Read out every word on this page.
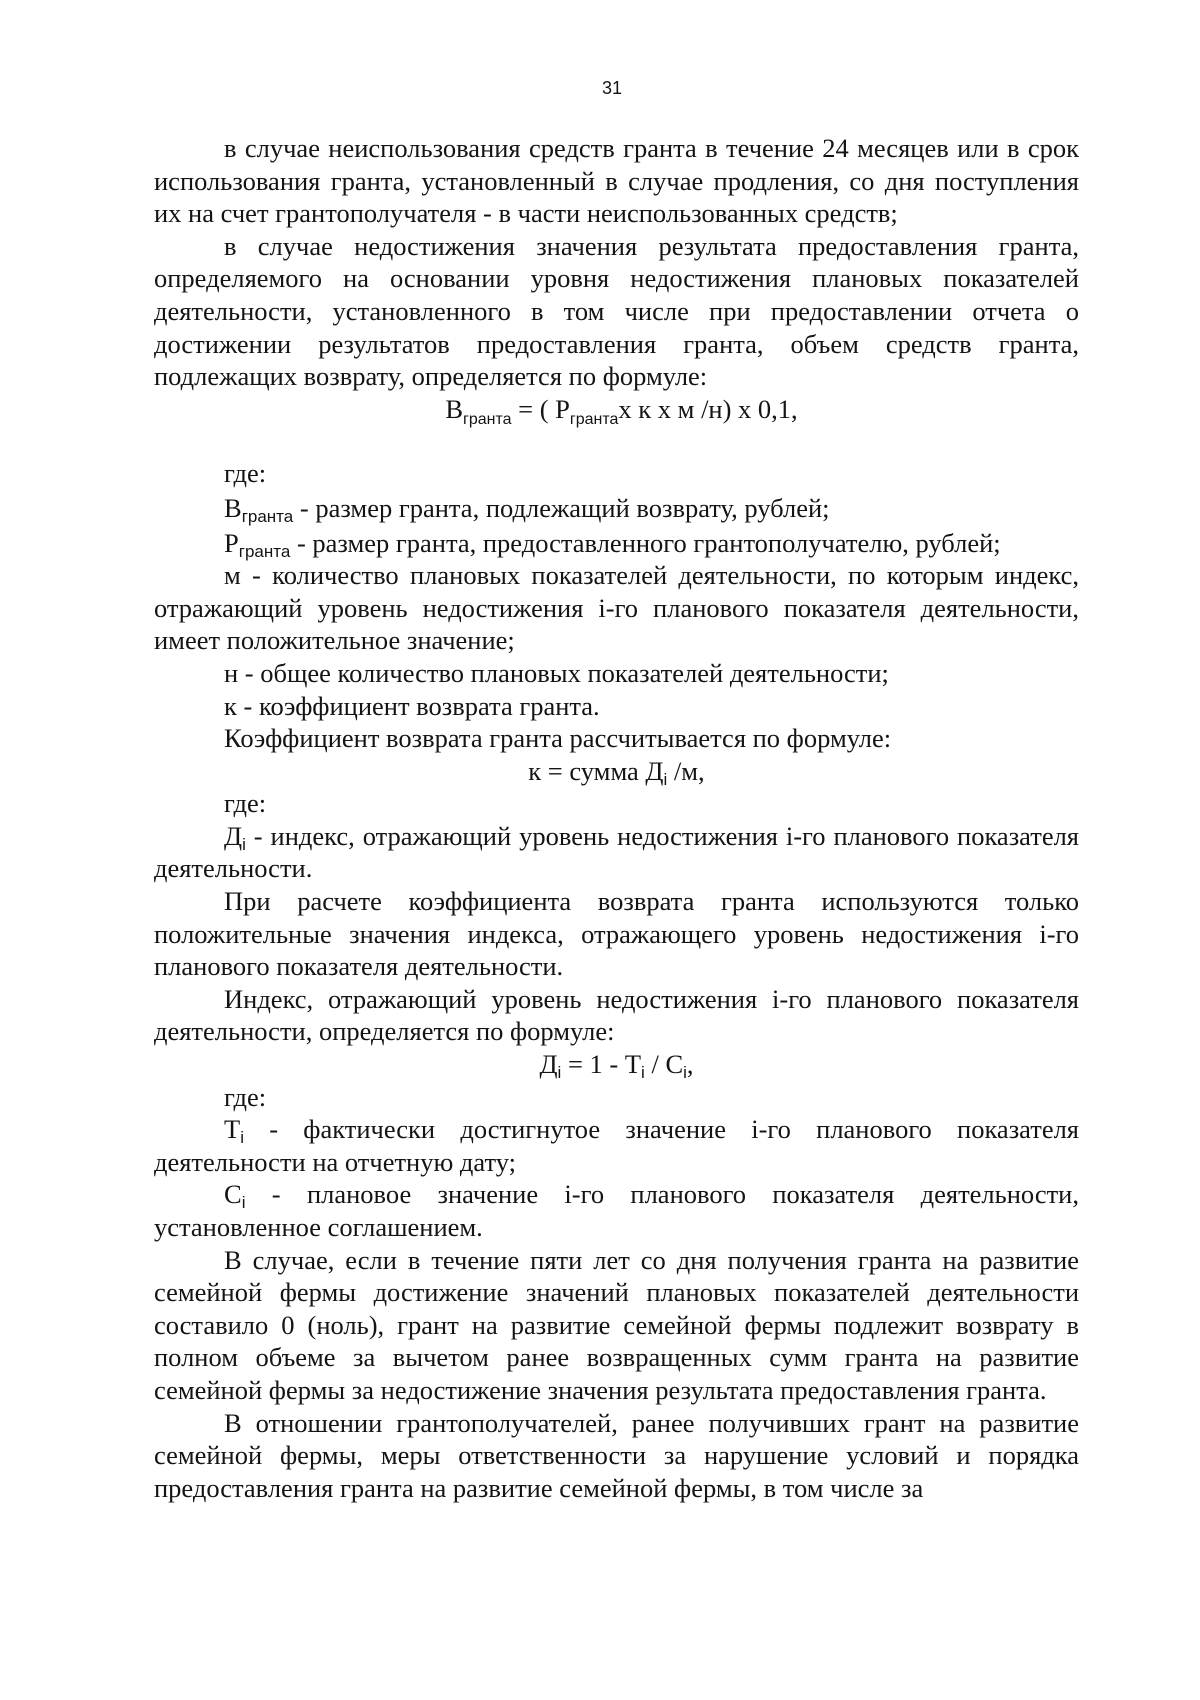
31

в случае неиспользования средств гранта в течение 24 месяцев или в срок использования гранта, установленный в случае продления, со дня поступления их на счет грантополучателя - в части неиспользованных средств;

в случае недостижения значения результата предоставления гранта, определяемого на основании уровня недостижения плановых показателей деятельности, установленного в том числе при предоставлении отчета о достижении результатов предоставления гранта, объем средств гранта, подлежащих возврату, определяется по формуле:

$В_{гранта}$ = ( $Р_{гранта}х$ к х м /н) х 0,1,

где:

$В_{гранта}$ - размер гранта, подлежащий возврату, рублей;

$Р_{гранта}$ - размер гранта, предоставленного грантополучателю, рублей;

м - количество плановых показателей деятельности, по которым индекс, отражающий уровень недостижения i-го планового показателя деятельности, имеет положительное значение;

н - общее количество плановых показателей деятельности;

к - коэффициент возврата гранта.

Коэффициент возврата гранта рассчитывается по формуле:

к = сумма $Д_i$ /м,

где:

$Д_i$ - индекс, отражающий уровень недостижения i-го планового показателя деятельности.

При расчете коэффициента возврата гранта используются только положительные значения индекса, отражающего уровень недостижения i-го планового показателя деятельности.

Индекс, отражающий уровень недостижения i-го планового показателя деятельности, определяется по формуле:

$Д_i = 1 - Т_i / С_i$,

где:

$Т_i$ - фактически достигнутое значение i-го планового показателя деятельности на отчетную дату;

$С_i$ - плановое значение i-го планового показателя деятельности, установленное соглашением.

В случае, если в течение пяти лет со дня получения гранта на развитие семейной фермы достижение значений плановых показателей деятельности составило 0 (ноль), грант на развитие семейной фермы подлежит возврату в полном объеме за вычетом ранее возвращенных сумм гранта на развитие семейной фермы за недостижение значения результата предоставления гранта.

В отношении грантополучателей, ранее получивших грант на развитие семейной фермы, меры ответственности за нарушение условий и порядка предоставления гранта на развитие семейной фермы, в том числе за
